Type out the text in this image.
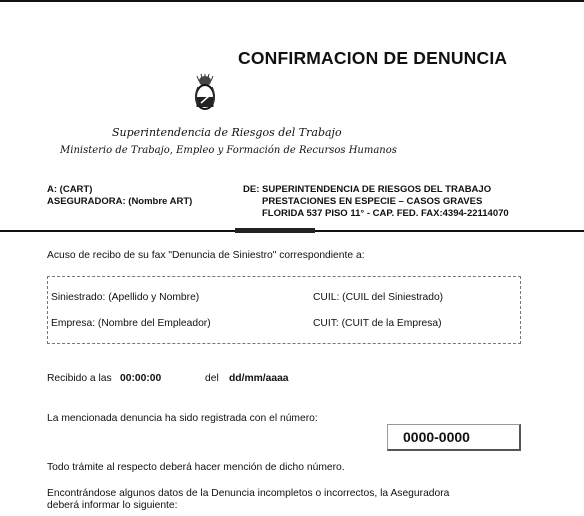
CONFIRMACION DE DENUNCIA
Superintendencia de Riesgos del Trabajo
Ministerio de Trabajo, Empleo y Formación de Recursos Humanos
A: (CART)
ASEGURADORA: (Nombre ART)
DE: SUPERINTENDENCIA DE RIESGOS DEL TRABAJO
PRESTACIONES EN ESPECIE – CASOS GRAVES
FLORIDA 537 PISO 11° - CAP. FED. FAX:4394-22114070
Acuso de recibo de su fax "Denuncia de Siniestro" correspondiente a:
Siniestrado: (Apellido y Nombre)	CUIL: (CUIL del Siniestrado)
Empresa: (Nombre del Empleador)	CUIT: (CUIT de la Empresa)
Recibido a las 00:00:00	del dd/mm/aaaa
La mencionada denuncia ha sido registrada con el número:
0000-0000
Todo trámite al respecto deberá hacer mención de dicho número.
Encontrándose algunos datos de la Denuncia incompletos o incorrectos, la Aseguradora
deberá informar lo siguiente:
